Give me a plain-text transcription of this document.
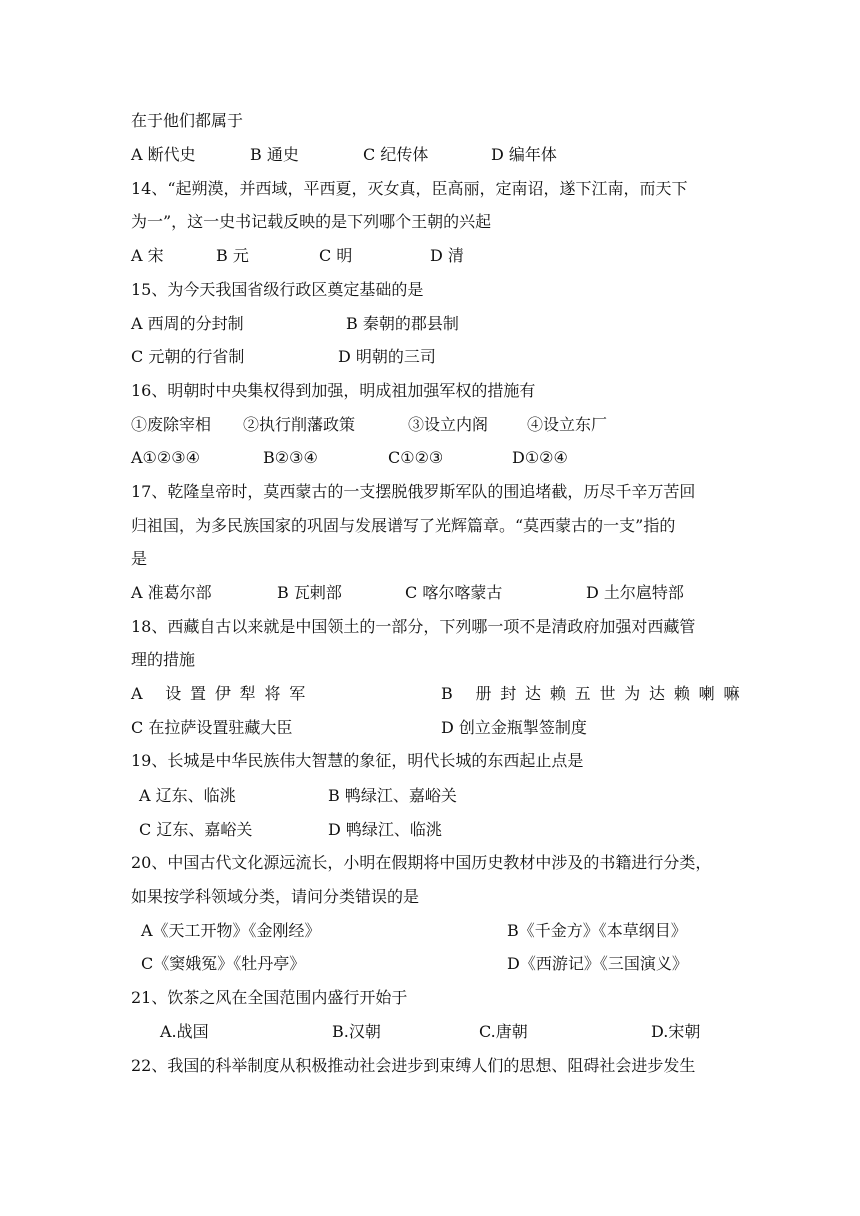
在于他们都属于
A 断代史	B 通史	C 纪传体	D 编年体
14、“起朔漠，并西域，平西夏，灭女真，臣高丽，定南诏，遂下江南，而天下
为一”，这一史书记载反映的是下列哪个王朝的兴起
A 宋	B 元	C 明	D 清
15、为今天我国省级行政区奠定基础的是
A 西周的分封制	B 秦朝的郡县制
C 元朝的行省制	D 明朝的三司
16、明朝时中央集权得到加强，明成祖加强军权的措施有
①废除宰相 ②执行削藩政策	③设立内阁 ④设立东厂
A①②③④	B②③④	C①②③	D①②④
17、乾隆皇帝时，莫西蒙古的一支摆脱俄罗斯军队的围追堵截，历尽千辛万苦回
归祖国，为多民族国家的巩固与发展谱写了光辉篇章。“莫西蒙古的一支”指的
是
A 准葛尔部	B 瓦剌部	C 喀尔喀蒙古	D 土尔扈特部
18、西藏自古以来就是中国领土的一部分，下列哪一项不是清政府加强对西藏管
理的措施
A 设置伊犁将军	B 册封达赖五世为达赖喇嘛
C 在拉萨设置驻藏大臣	D 创立金瓶掣签制度
19、长城是中华民族伟大智慧的象征，明代长城的东西起止点是
A 辽东、临洮	B 鸭绿江、嘉峪关
C 辽东、嘉峪关	D 鸭绿江、临洮
20、中国古代文化源远流长，小明在假期将中国历史教材中涉及的书籍进行分类，
如果按学科领域分类，请问分类错误的是
A《天工开物》《金刚经》	B《千金方》《本草纲目》
C《窦娥冤》《牡丹亭》	D《西游记》《三国演义》
21、饮茶之风在全国范围内盛行开始于
A.战国	B.汉朝	C.唐朝	D.宋朝
22、我国的科举制度从积极推动社会进步到束缚人们的思想、阻碍社会进步发生
